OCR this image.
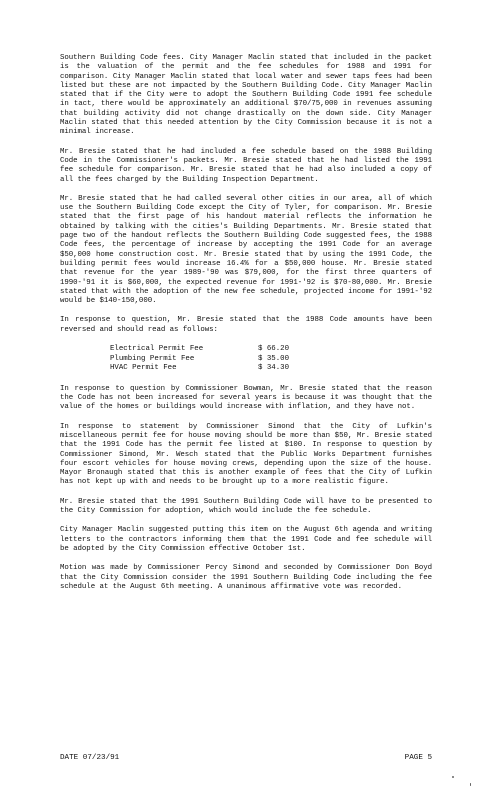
Southern Building Code fees. City Manager Maclin stated that included in the packet is the valuation of the permit and the fee schedules for 1988 and 1991 for comparison. City Manager Maclin stated that local water and sewer taps fees had been listed but these are not impacted by the Southern Building Code. City Manager Maclin stated that if the City were to adopt the Southern Building Code 1991 fee schedule in tact, there would be approximately an additional $70/75,000 in revenues assuming that building activity did not change drastically on the down side. City Manager Maclin stated that this needed attention by the City Commission because it is not a minimal increase.

Mr. Bresie stated that he had included a fee schedule based on the 1988 Building Code in the Commissioner's packets. Mr. Bresie stated that he had listed the 1991 fee schedule for comparison. Mr. Bresie stated that he had also included a copy of all the fees charged by the Building Inspection Department.

Mr. Bresie stated that he had called several other cities in our area, all of which use the Southern Building Code except the City of Tyler, for comparison. Mr. Bresie stated that the first page of his handout material reflects the information he obtained by talking with the cities's Building Departments. Mr. Bresie stated that page two of the handout reflects the Southern Building Code suggested fees, the 1988 Code fees, the percentage of increase by accepting the 1991 Code for an average $50,000 home construction cost. Mr. Bresie stated that by using the 1991 Code, the building permit fees would increase 16.4% for a $50,000 house. Mr. Bresie stated that revenue for the year 1989-'90 was $79,000, for the first three quarters of 1990-'91 it is $60,000, the expected revenue for 1991-'92 is $70-80,000. Mr. Bresie stated that with the adoption of the new fee schedule, projected income for 1991-'92 would be $140-150,000.

In response to question, Mr. Bresie stated that the 1988 Code amounts have been reversed and should read as follows:

Electrical Permit Fee	$ 66.20
Plumbing Permit Fee	$ 35.00
HVAC Permit Fee	$ 34.30

In response to question by Commissioner Bowman, Mr. Bresie stated that the reason the Code has not been increased for several years is because it was thought that the value of the homes or buildings would increase with inflation, and they have not.

In response to statement by Commissioner Simond that the City of Lufkin's miscellaneous permit fee for house moving should be more than $50, Mr. Bresie stated that the 1991 Code has the permit fee listed at $100. In response to question by Commissioner Simond, Mr. Wesch stated that the Public Works Department furnishes four escort vehicles for house moving crews, depending upon the size of the house. Mayor Bronaugh stated that this is another example of fees that the City of Lufkin has not kept up with and needs to be brought up to a more realistic figure.

Mr. Bresie stated that the 1991 Southern Building Code will have to be presented to the City Commission for adoption, which would include the fee schedule.

City Manager Maclin suggested putting this item on the August 6th agenda and writing letters to the contractors informing them that the 1991 Code and fee schedule will be adopted by the City Commission effective October 1st.

Motion was made by Commissioner Percy Simond and seconded by Commissioner Don Boyd that the City Commission consider the 1991 Southern Building Code including the fee schedule at the August 6th meeting. A unanimous affirmative vote was recorded.

DATE 07/23/91	PAGE 5
